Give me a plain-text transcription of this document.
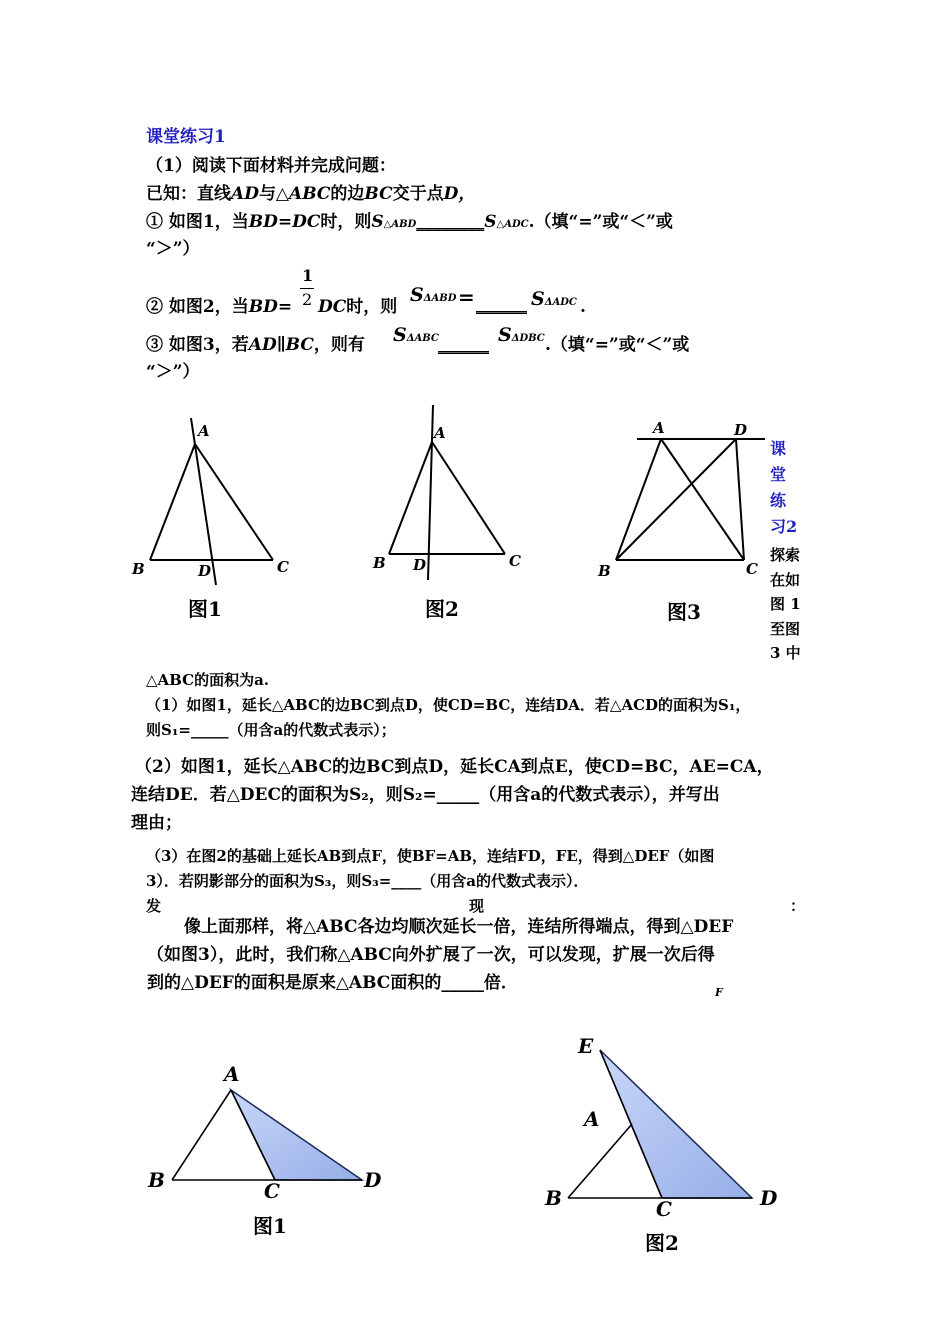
课堂练习1
（1）阅读下面材料并完成问题：
已知：直线AD与△ABC的边BC交于点D，
① 如图1，当BD=DC时，则S△ABD________S△ADC.（填“=”或“＜”或
“＞”）
1
2
② 如图2，当BD= DC时，则
SΔABD = ______ SΔADC .
③ 如图3，若AD∥BC，则有 SΔABC ______ SΔDBC .（填“=”或“＜”或
“＞”）
A
B	D	C
A
B D	C
A	D
B	C
图1	图2	图3
课
堂
练
习2
探索
在如
图 1
至图
3 中
△ABC的面积为a.
（1）如图1，延长△ABC的边BC到点D，使CD=BC，连结DA．若△ACD的面积为S₁，
则S₁=_____（用含a的代数式表示）；
（2）如图1，延长△ABC的边BC到点D，延长CA到点E，使CD=BC，AE=CA，
连结DE．若△DEC的面积为S₂，则S₂=_____（用含a的代数式表示），并写出
理由；
（3）在图2的基础上延长AB到点F，使BF=AB，连结FD，FE，得到△DEF（如图
3）．若阴影部分的面积为S₃，则S₃=____（用含a的代数式表示）．
发	现	：
像上面那样，将△ABC各边均顺次延长一倍，连结所得端点，得到△DEF
（如图3），此时，我们称△ABC向外扩展了一次，可以发现，扩展一次后得
到的△DEF的面积是原来△ABC面积的_____倍．	F
A
B	C	D
E
A
B	C	D
图1
图2
